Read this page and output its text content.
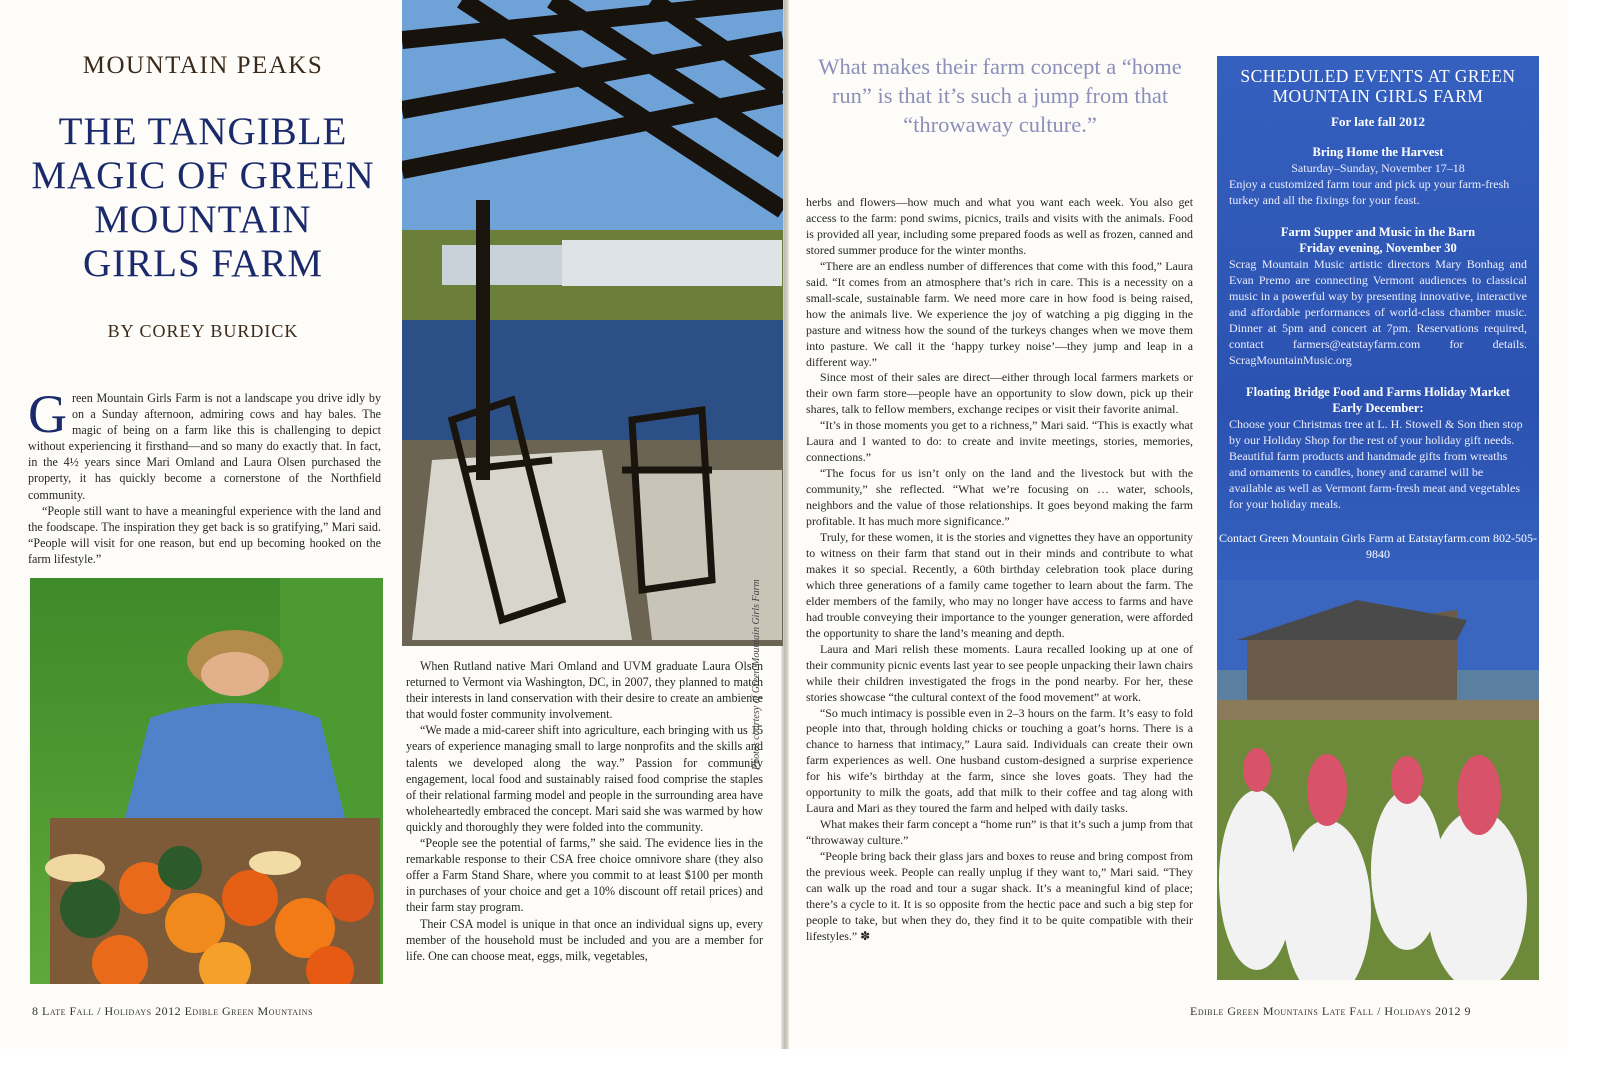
MOUNTAIN PEAKS
THE TANGIBLE
MAGIC OF GREEN
MOUNTAIN
GIRLS FARM
BY COREY BURDICK

Green Mountain Girls Farm is not a landscape you drive idly by on a Sunday afternoon, admiring cows and hay bales. The magic of being on a farm like this is challenging to depict without experiencing it firsthand—and so many do exactly that. In fact, in the 4½ years since Mari Omland and Laura Olsen purchased the property, it has quickly become a cornerstone of the Northfield community.

“People still want to have a meaningful experience with the land and the foodscape. The inspiration they get back is so gratifying,” Mari said. “People will visit for one reason, but end up becoming hooked on the farm lifestyle.”

When Rutland native Mari Omland and UVM graduate Laura Olsen returned to Vermont via Washington, DC, in 2007, they planned to match their interests in land conservation with their desire to create an ambience that would foster community involvement.

“We made a mid-career shift into agriculture, each bringing with us 15 years of experience managing small to large nonprofits and the skills and talents we developed along the way.” Passion for community engagement, local food and sustainably raised food comprise the staples of their relational farming model and people in the surrounding area have wholeheartedly embraced the concept. Mari said she was warmed by how quickly and thoroughly they were folded into the community.

“People see the potential of farms,” she said. The evidence lies in the remarkable response to their CSA free choice omnivore share (they also offer a Farm Stand Share, where you commit to at least $100 per month in purchases of your choice and get a 10% discount off retail prices) and their farm stay program.

Their CSA model is unique in that once an individual signs up, every member of the household must be included and you are a member for life. One can choose meat, eggs, milk, vegetables,

Photos courtesy of Green Mountain Girls Farm
8 Late Fall / Holidays 2012 Edible Green Mountains
What makes their farm concept a “home run” is that it’s such a jump from that “throwaway culture.”

herbs and flowers—how much and what you want each week. You also get access to the farm: pond swims, picnics, trails and visits with the animals. Food is provided all year, including some prepared foods as well as frozen, canned and stored summer produce for the winter months.

“There are an endless number of differences that come with this food,” Laura said. “It comes from an atmosphere that’s rich in care. This is a necessity on a small-scale, sustainable farm. We need more care in how food is being raised, how the animals live. We experience the joy of watching a pig digging in the pasture and witness how the sound of the turkeys changes when we move them into pasture. We call it the ‘happy turkey noise’—they jump and leap in a different way.”

Since most of their sales are direct—either through local farmers markets or their own farm store—people have an opportunity to slow down, pick up their shares, talk to fellow members, exchange recipes or visit their favorite animal.

“It’s in those moments you get to a richness,” Mari said. “This is exactly what Laura and I wanted to do: to create and invite meetings, stories, memories, connections.”

“The focus for us isn’t only on the land and the livestock but with the community,” she reflected. “What we’re focusing on … water, schools, neighbors and the value of those relationships. It goes beyond making the farm profitable. It has much more significance.”

Truly, for these women, it is the stories and vignettes they have an opportunity to witness on their farm that stand out in their minds and contribute to what makes it so special. Recently, a 60th birthday celebration took place during which three generations of a family came together to learn about the farm. The elder members of the family, who may no longer have access to farms and have had trouble conveying their importance to the younger generation, were afforded the opportunity to share the land’s meaning and depth.

Laura and Mari relish these moments. Laura recalled looking up at one of their community picnic events last year to see people unpacking their lawn chairs while their children investigated the frogs in the pond nearby. For her, these stories showcase “the cultural context of the food movement” at work.

“So much intimacy is possible even in 2–3 hours on the farm. It’s easy to fold people into that, through holding chicks or touching a goat’s horns. There is a chance to harness that intimacy,” Laura said. Individuals can create their own farm experiences as well. One husband custom-designed a surprise experience for his wife’s birthday at the farm, since she loves goats. They had the opportunity to milk the goats, add that milk to their coffee and tag along with Laura and Mari as they toured the farm and helped with daily tasks.

What makes their farm concept a “home run” is that it’s such a jump from that “throwaway culture.”

“People bring back their glass jars and boxes to reuse and bring compost from the previous week. People can really unplug if they want to,” Mari said. “They can walk up the road and tour a sugar shack. It’s a meaningful kind of place; there’s a cycle to it. It is so opposite from the hectic pace and such a big step for people to take, but when they do, they find it to be quite compatible with their lifestyles.” ✽

SCHEDULED EVENTS AT GREEN MOUNTAIN GIRLS FARM
For late fall 2012
Bring Home the Harvest
Saturday–Sunday, November 17–18
Enjoy a customized farm tour and pick up your farm-fresh turkey and all the fixings for your feast.
Farm Supper and Music in the Barn
Friday evening, November 30
Scrag Mountain Music artistic directors Mary Bonhag and Evan Premo are connecting Vermont audiences to classical music in a powerful way by presenting innovative, interactive and affordable performances of world-class chamber music. Dinner at 5pm and concert at 7pm. Reservations required, contact farmers@eatstayfarm.com for details. ScragMountainMusic.org
Floating Bridge Food and Farms Holiday Market
Early December:
Choose your Christmas tree at L. H. Stowell & Son then stop by our Holiday Shop for the rest of your holiday gift needs. Beautiful farm products and handmade gifts from wreaths and ornaments to candles, honey and caramel will be available as well as Vermont farm-fresh meat and vegetables for your holiday meals.
Contact Green Mountain Girls Farm at Eatstayfarm.com 802-505-9840
Edible Green Mountains Late Fall / Holidays 2012 9
